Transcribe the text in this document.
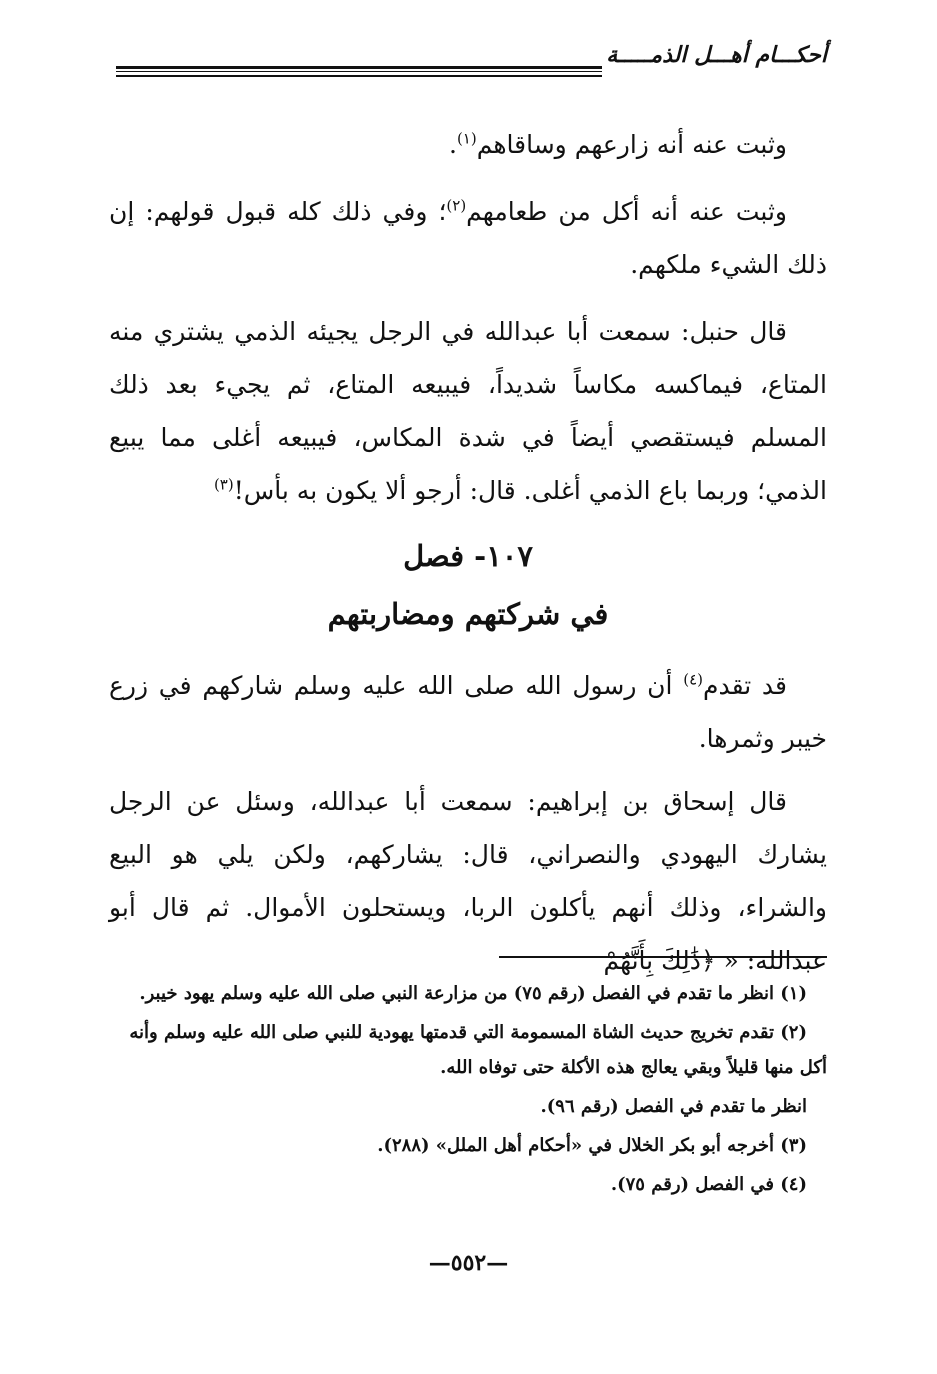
أحكـــام أهـــل الذمـــــة

وثبت عنه أنه زارعهم وساقاهم$^{(١)}$.

وثبت عنه أنه أكل من طعامهم$^{(٢)}$؛ وفي ذلك كله قبول قولهم: إن ذلك الشيء ملكهم.

قال حنبل: سمعت أبا عبدالله في الرجل يجيئه الذمي يشتري منه المتاع، فيماكسه مكاساً شديداً، فيبيعه المتاع، ثم يجيء بعد ذلك المسلم فيستقصي أيضاً في شدة المكاس، فيبيعه أغلى مما يبيع الذمي؛ وربما باع الذمي أغلى. قال: أرجو ألا يكون به بأس!$^{(٣)}$

١٠٧- فصل
في شركتهم ومضاربتهم

قد تقدم$^{(٤)}$ أن رسول الله صلى الله عليه وسلم شاركهم في زرع خيبر وثمرها.

قال إسحاق بن إبراهيم: سمعت أبا عبدالله، وسئل عن الرجل يشارك اليهودي والنصراني، قال: يشاركهم، ولكن يلي هو البيع والشراء، وذلك أنهم يأكلون الربا، ويستحلون الأموال. ثم قال أبو عبدالله: « ﴿ذَٰلِكَ بِأَنَّهُمْ

(١) انظر ما تقدم في الفصل (رقم ٧٥) من مزارعة النبي صلى الله عليه وسلم يهود خيبر.

(٢) تقدم تخريج حديث الشاة المسمومة التي قدمتها يهودية للنبي صلى الله عليه وسلم وأنه أكل منها قليلاً وبقي يعالج هذه الأكلة حتى توفاه الله.

انظر ما تقدم في الفصل (رقم ٩٦).

(٣) أخرجه أبو بكر الخلال في «أحكام أهل الملل» (٢٨٨).

(٤) في الفصل (رقم ٧٥).

—٥٥٢—
